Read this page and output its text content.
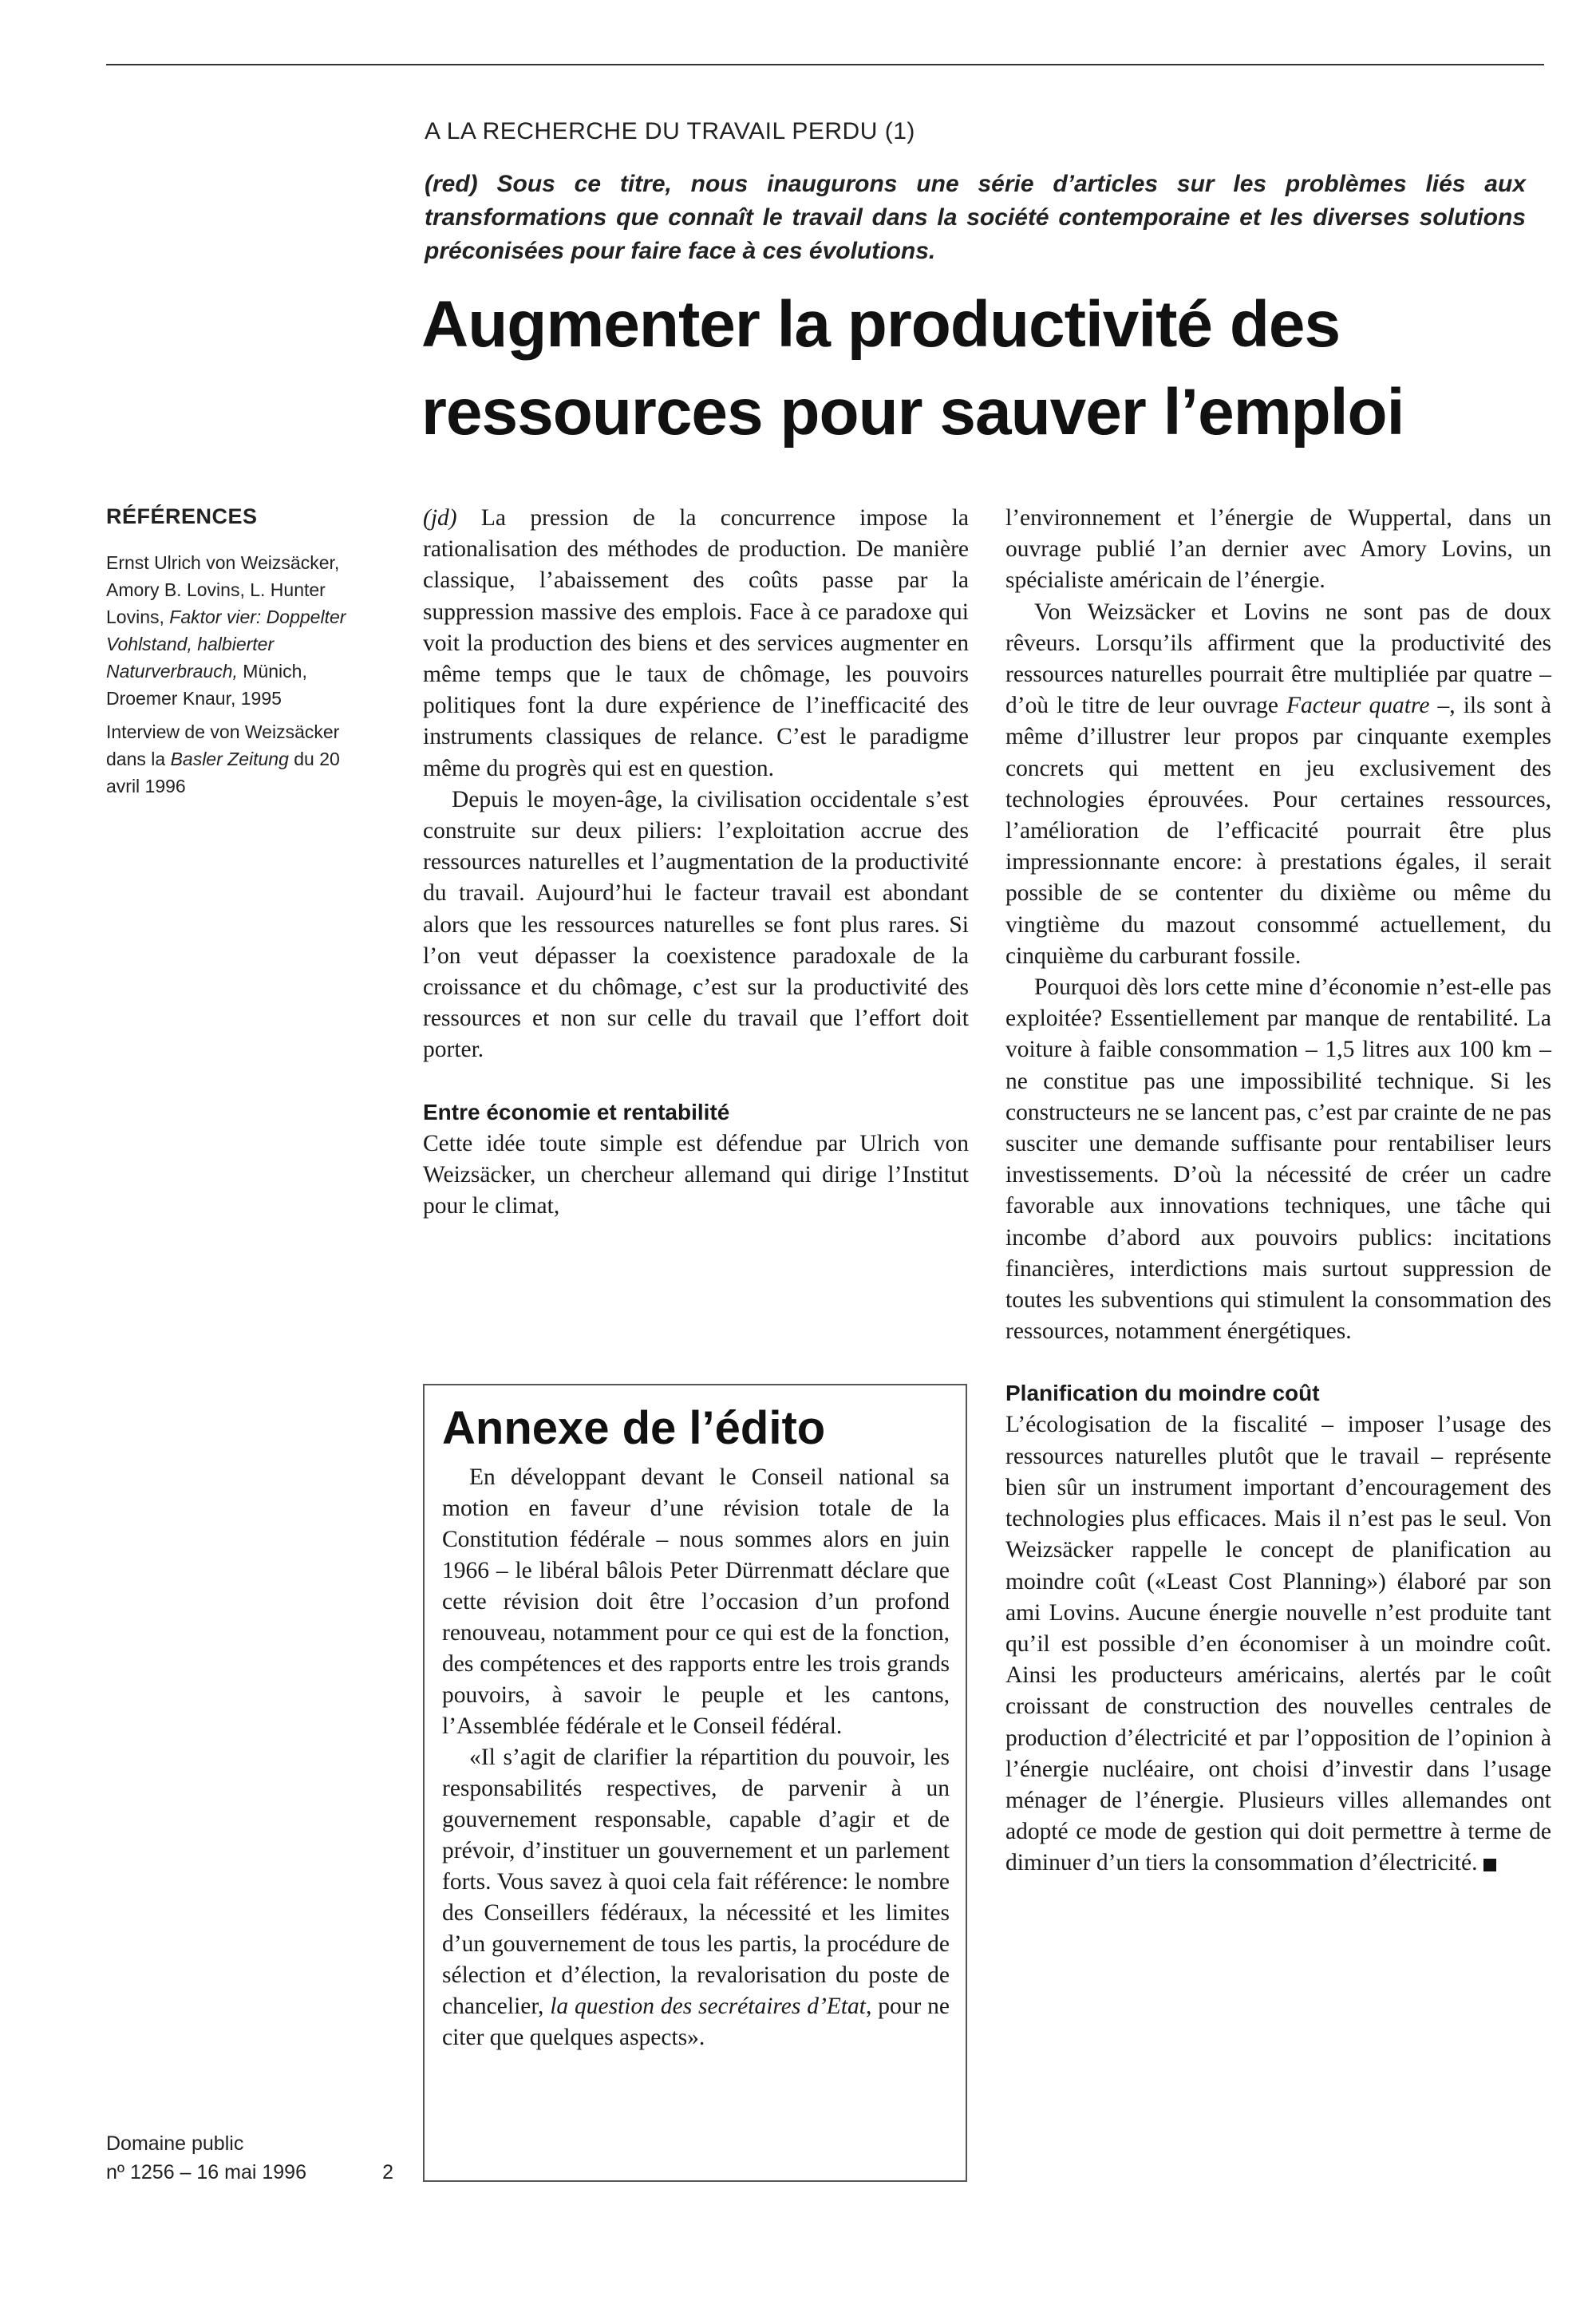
A LA RECHERCHE DU TRAVAIL PERDU (1)
(red) Sous ce titre, nous inaugurons une série d’articles sur les problèmes liés aux transformations que connaît le travail dans la société contemporaine et les diverses solutions préconisées pour faire face à ces évolutions.
Augmenter la productivité des
ressources pour sauver l’emploi
RÉFÉRENCES

Ernst Ulrich von Weizsäcker, Amory B. Lovins, L. Hunter Lovins, Faktor vier: Doppelter Vohlstand, halbierter Naturverbrauch, Münich, Droemer Knaur, 1995

Interview de von Weizsäcker dans la Basler Zeitung du 20 avril 1996

(jd) La pression de la concurrence impose la rationalisation des méthodes de production. De manière classique, l’abaissement des coûts passe par la suppression massive des emplois. Face à ce paradoxe qui voit la production des biens et des services augmenter en même temps que le taux de chômage, les pouvoirs politiques font la dure expérience de l’inefficacité des instruments classiques de relance. C’est le paradigme même du progrès qui est en question.

Depuis le moyen-âge, la civilisation occidentale s’est construite sur deux piliers: l’exploitation accrue des ressources naturelles et l’augmentation de la productivité du travail. Aujourd’hui le facteur travail est abondant alors que les ressources naturelles se font plus rares. Si l’on veut dépasser la coexistence paradoxale de la croissance et du chômage, c’est sur la productivité des ressources et non sur celle du travail que l’effort doit porter.

Entre économie et rentabilité

Cette idée toute simple est défendue par Ulrich von Weizsäcker, un chercheur allemand qui dirige l’Institut pour le climat,

Annexe de l’édito

En développant devant le Conseil national sa motion en faveur d’une révision totale de la Constitution fédérale – nous sommes alors en juin 1966 – le libéral bâlois Peter Dürrenmatt déclare que cette révision doit être l’occasion d’un profond renouveau, notamment pour ce qui est de la fonction, des compétences et des rapports entre les trois grands pouvoirs, à savoir le peuple et les cantons, l’Assemblée fédérale et le Conseil fédéral.

«Il s’agit de clarifier la répartition du pouvoir, les responsabilités respectives, de parvenir à un gouvernement responsable, capable d’agir et de prévoir, d’instituer un gouvernement et un parlement forts. Vous savez à quoi cela fait référence: le nombre des Conseillers fédéraux, la nécessité et les limites d’un gouvernement de tous les partis, la procédure de sélection et d’élection, la revalorisation du poste de chancelier, la question des secrétaires d’Etat, pour ne citer que quelques aspects».

l’environnement et l’énergie de Wuppertal, dans un ouvrage publié l’an dernier avec Amory Lovins, un spécialiste américain de l’énergie.

Von Weizsäcker et Lovins ne sont pas de doux rêveurs. Lorsqu’ils affirment que la productivité des ressources naturelles pourrait être multipliée par quatre – d’où le titre de leur ouvrage Facteur quatre –, ils sont à même d’illustrer leur propos par cinquante exemples concrets qui mettent en jeu exclusivement des technologies éprouvées. Pour certaines ressources, l’amélioration de l’efficacité pourrait être plus impressionnante encore: à prestations égales, il serait possible de se contenter du dixième ou même du vingtième du mazout consommé actuellement, du cinquième du carburant fossile.

Pourquoi dès lors cette mine d’économie n’est-elle pas exploitée? Essentiellement par manque de rentabilité. La voiture à faible consommation – 1,5 litres aux 100 km – ne constitue pas une impossibilité technique. Si les constructeurs ne se lancent pas, c’est par crainte de ne pas susciter une demande suffisante pour rentabiliser leurs investissements. D’où la nécessité de créer un cadre favorable aux innovations techniques, une tâche qui incombe d’abord aux pouvoirs publics: incitations financières, interdictions mais surtout suppression de toutes les subventions qui stimulent la consommation des ressources, notamment énergétiques.

Planification du moindre coût

L’écologisation de la fiscalité – imposer l’usage des ressources naturelles plutôt que le travail – représente bien sûr un instrument important d’encouragement des technologies plus efficaces. Mais il n’est pas le seul. Von Weizsäcker rappelle le concept de planification au moindre coût («Least Cost Planning») élaboré par son ami Lovins. Aucune énergie nouvelle n’est produite tant qu’il est possible d’en économiser à un moindre coût. Ainsi les producteurs américains, alertés par le coût croissant de construction des nouvelles centrales de production d’électricité et par l’opposition de l’opinion à l’énergie nucléaire, ont choisi d’investir dans l’usage ménager de l’énergie. Plusieurs villes allemandes ont adopté ce mode de gestion qui doit permettre à terme de diminuer d’un tiers la consommation d’électricité.

Domaine public
nº 1256 – 16 mai 1996	2
